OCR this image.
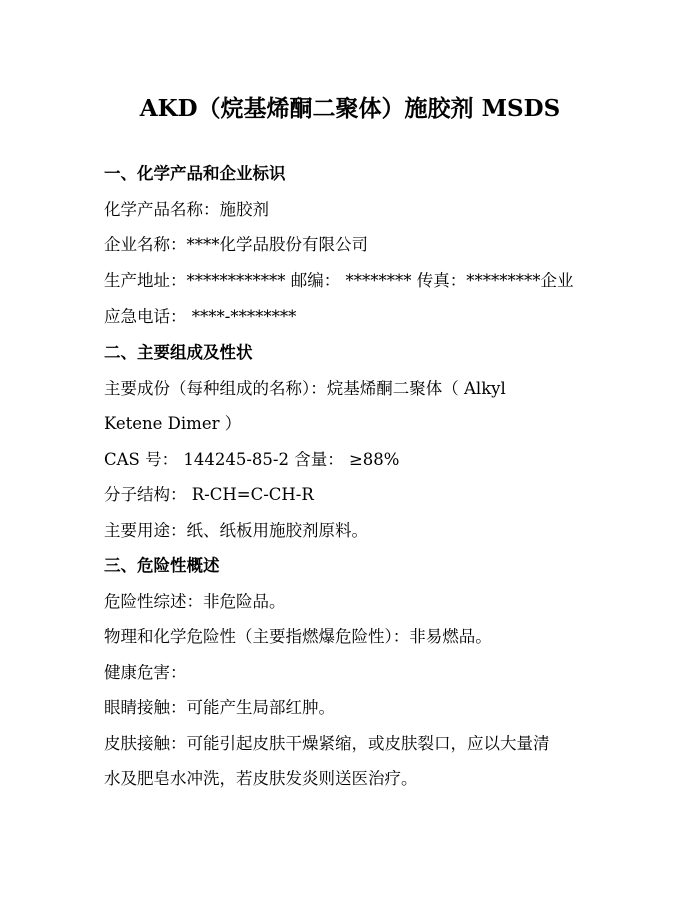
AKD（烷基烯酮二聚体）施胶剂 MSDS
一、化学产品和企业标识
化学产品名称：施胶剂
企业名称：****化学品股份有限公司
生产地址：************ 邮编： ******** 传真：*********企业
应急电话： ****-********
二、主要组成及性状
主要成份（每种组成的名称）：烷基烯酮二聚体（ Alkyl
Ketene Dimer ）
CAS 号： 144245-85-2 含量： ≥88%
分子结构： R-CH=C-CH-R
主要用途：纸、纸板用施胶剂原料。
三、危险性概述
危险性综述：非危险品。
物理和化学危险性（主要指燃爆危险性）：非易燃品。
健康危害：
眼睛接触：可能产生局部红肿。
皮肤接触：可能引起皮肤干燥紧缩，或皮肤裂口，应以大量清
水及肥皂水冲洗，若皮肤发炎则送医治疗。
